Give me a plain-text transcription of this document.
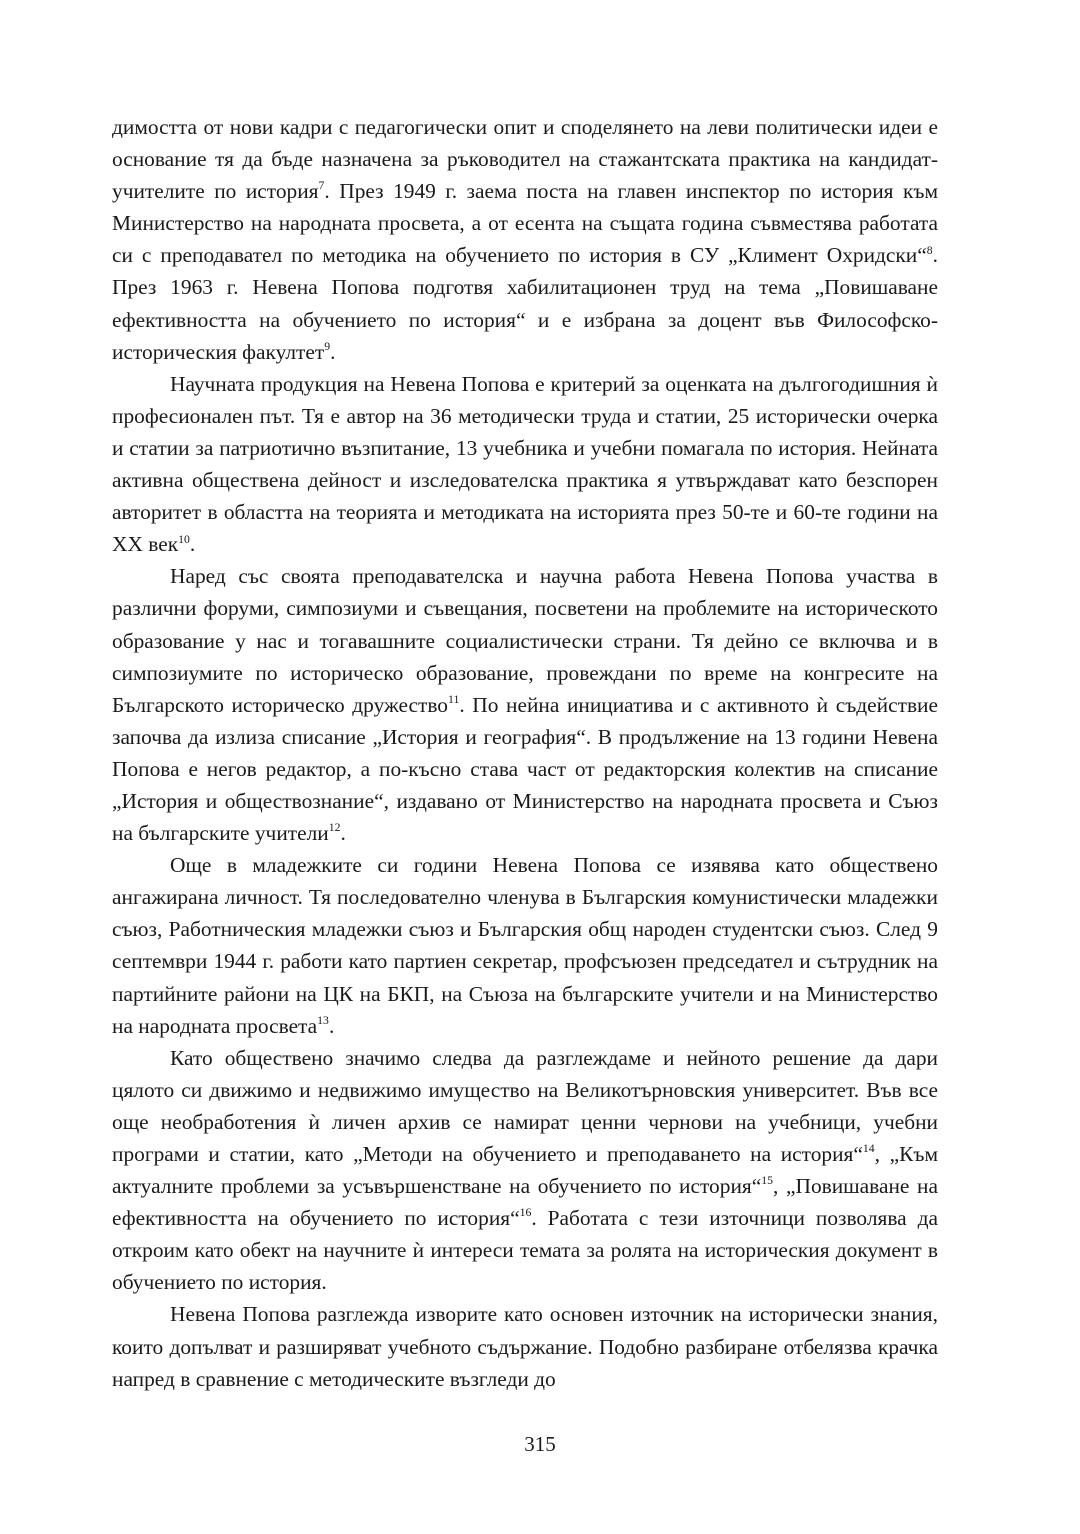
димостта от нови кадри с педагогически опит и споделянето на леви политически идеи е основание тя да бъде назначена за ръководител на стажантската практика на кандидат-учителите по история$^7$. През 1949 г. заема поста на главен инспектор по история към Министерство на народната просвета, а от есента на същата година съвместява работата си с преподавател по методика на обучението по история в СУ „Климент Охридски“$^8$. През 1963 г. Невена Попова подготвя хабилитационен труд на тема „Повишаване ефективността на обучението по история“ и е избрана за доцент във Философско-историческия факултет$^9$.

Научната продукция на Невена Попова е критерий за оценката на дългогодишния ѝ професионален път. Тя е автор на 36 методически труда и статии, 25 исторически очерка и статии за патриотично възпитание, 13 учебника и учебни помагала по история. Нейната активна обществена дейност и изследователска практика я утвърждават като безспорен авторитет в областта на теорията и методиката на историята през 50-те и 60-те години на XX век$^{10}$.

Наред със своята преподавателска и научна работа Невена Попова участва в различни форуми, симпозиуми и съвещания, посветени на проблемите на историческото образование у нас и тогавашните социалистически страни. Тя дейно се включва и в симпозиумите по историческо образование, провеждани по време на конгресите на Българското историческо дружество$^{11}$. По нейна инициатива и с активното ѝ съдействие започва да излиза списание „История и география“. В продължение на 13 години Невена Попова е негов редактор, а по-късно става част от редакторския колектив на списание „История и обществознание“, издавано от Министерство на народната просвета и Съюз на българските учители$^{12}$.

Още в младежките си години Невена Попова се изявява като обществено ангажирана личност. Тя последователно членува в Българския комунистически младежки съюз, Работническия младежки съюз и Българския общ народен студентски съюз. След 9 септември 1944 г. работи като партиен секретар, профсъюзен председател и сътрудник на партийните райони на ЦК на БКП, на Съюза на българските учители и на Министерство на народната просвета$^{13}$.

Като обществено значимо следва да разглеждаме и нейното решение да дари цялото си движимо и недвижимо имущество на Великотърновския университет. Във все още необработения ѝ личен архив се намират ценни чернови на учебници, учебни програми и статии, като „Методи на обучението и преподаването на история“$^{14}$, „Към актуалните проблеми за усъвършенстване на обучението по история“$^{15}$, „Повишаване на ефективността на обучението по история“$^{16}$. Работата с тези източници позволява да откроим като обект на научните ѝ интереси темата за ролята на историческия документ в обучението по история.

Невена Попова разглежда изворите като основен източник на исторически знания, които допълват и разширяват учебното съдържание. Подобно разбиране отбелязва крачка напред в сравнение с методическите възгледи до

315
